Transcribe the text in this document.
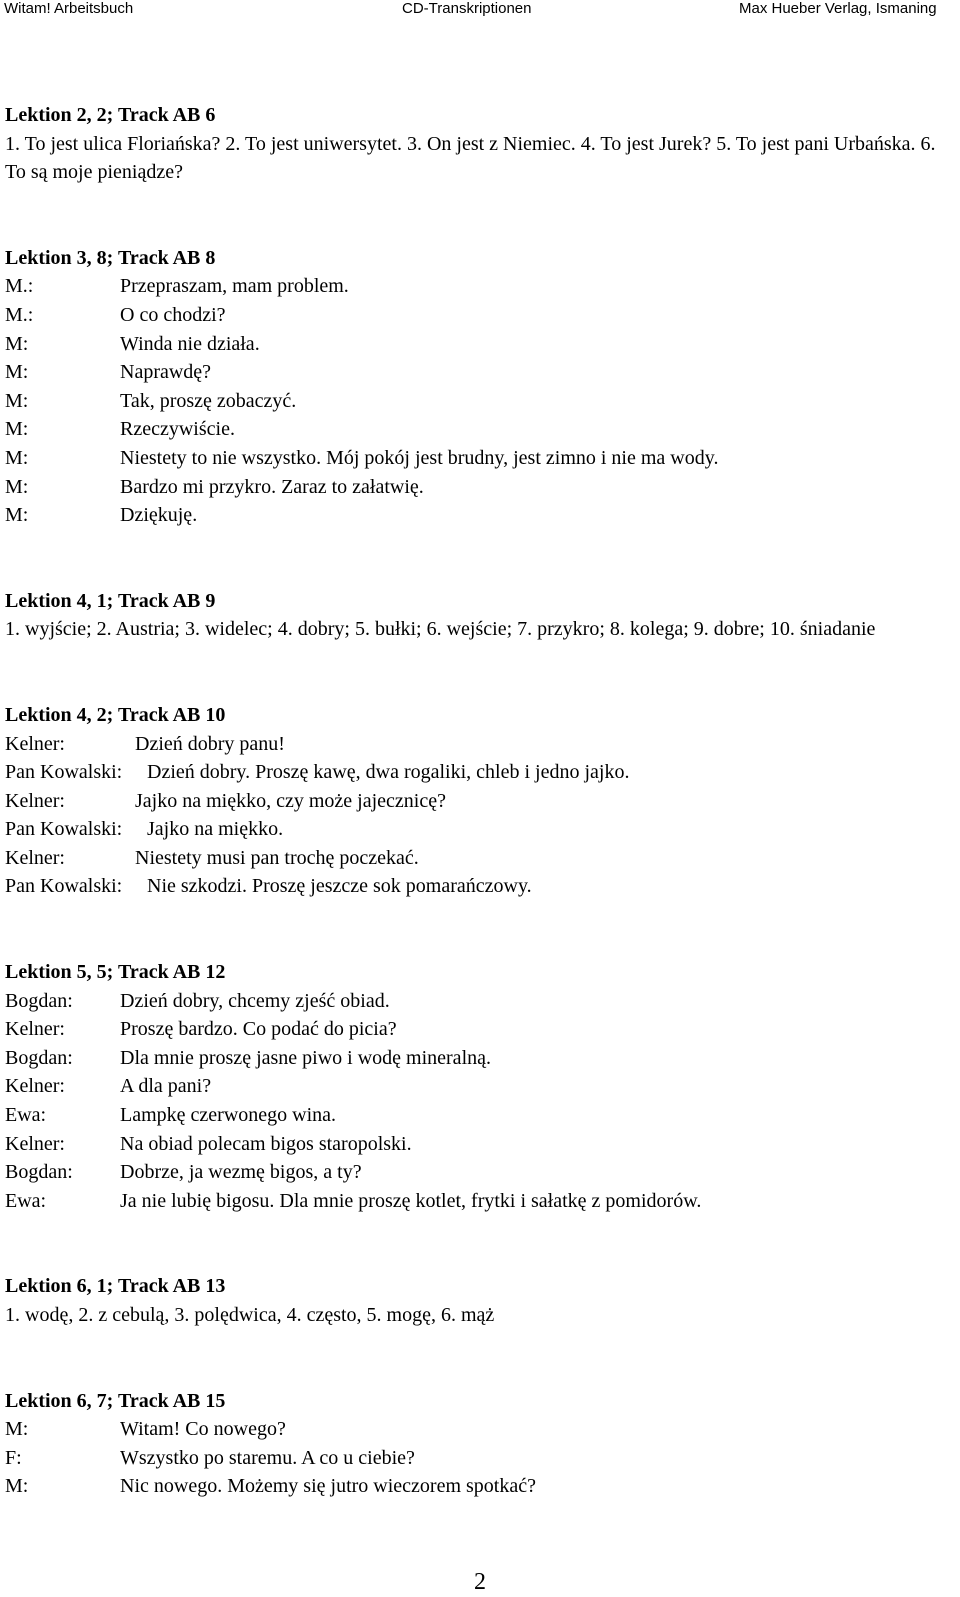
Witam! Arbeitsbuch	CD-Transkriptionen	Max Hueber Verlag, Ismaning

Lektion 2, 2; Track AB 6

1. To jest ulica Floriańska? 2. To jest uniwersytet. 3. On jest z Niemiec. 4. To jest Jurek? 5. To jest pani Urbańska. 6. To są moje pieniądze?

Lektion 3, 8; Track AB 8

M.:	Przepraszam, mam problem.
M.:	O co chodzi?
M:	Winda nie działa.
M:	Naprawdę?
M:	Tak, proszę zobaczyć.
M:	Rzeczywiście.
M:	Niestety to nie wszystko. Mój pokój jest brudny, jest zimno i nie ma wody.
M:	Bardzo mi przykro. Zaraz to załatwię.
M:	Dziękuję.

Lektion 4, 1; Track AB 9

1. wyjście; 2. Austria; 3. widelec; 4. dobry; 5. bułki; 6. wejście; 7. przykro; 8. kolega; 9. dobre; 10. śniadanie

Lektion 4, 2; Track AB 10

Kelner:	Dzień dobry panu!
Pan Kowalski:	Dzień dobry. Proszę kawę, dwa rogaliki, chleb i jedno jajko.
Kelner:	Jajko na miękko, czy może jajecznicę?
Pan Kowalski:	Jajko na miękko.
Kelner:	Niestety musi pan trochę poczekać.
Pan Kowalski:	Nie szkodzi. Proszę jeszcze sok pomarańczowy.

Lektion 5, 5; Track AB 12

Bogdan:	Dzień dobry, chcemy zjeść obiad.
Kelner:	Proszę bardzo. Co podać do picia?
Bogdan:	Dla mnie proszę jasne piwo i wodę mineralną.
Kelner:	A dla pani?
Ewa:	Lampkę czerwonego wina.
Kelner:	Na obiad polecam bigos staropolski.
Bogdan:	Dobrze, ja wezmę bigos, a ty?
Ewa:	Ja nie lubię bigosu. Dla mnie proszę kotlet, frytki i sałatkę z pomidorów.

Lektion 6, 1; Track AB 13

1. wodę, 2. z cebulą, 3. polędwica, 4. często, 5. mogę, 6. mąż

Lektion 6, 7; Track AB 15

M:	Witam! Co nowego?
F:	Wszystko po staremu. A co u ciebie?
M:	Nic nowego. Możemy się jutro wieczorem spotkać?
2
